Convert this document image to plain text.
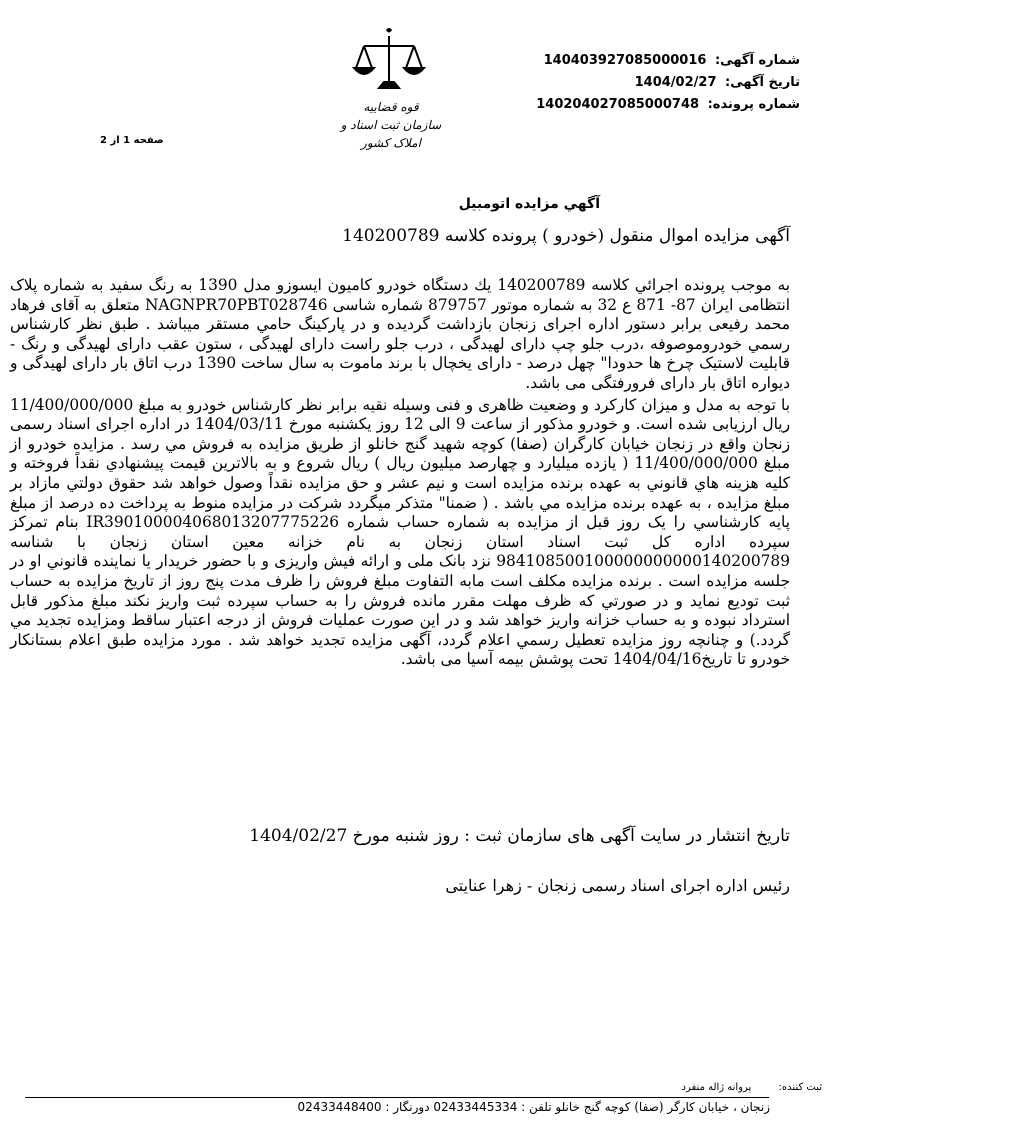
شماره آگهی: 140403927085000016
تاریخ آگهی: 1404/02/27
شماره پرونده: 140204027085000748
قوه قضاییه
سازمان ثبت اسناد و املاک کشور
صفحه 1 از 2
آگهي مزايده اتومبيل
آگهی مزایده اموال منقول (خودرو ) پرونده کلاسه 140200789

به موجب پرونده اجرائي كلاسه 140200789 يك دستگاه خودرو کامیون ایسوزو مدل 1390 به رنگ سفید به شماره پلاک انتظامی ایران 87- 871 ع 32 به شماره موتور 879757 شماره شاسی NAGNPR70PBT028746 متعلق به آقای فرهاد محمد رفیعی برابر دستور اداره اجرای زنجان بازداشت گردیده و در پارکینگ حامي مستقر میباشد . طبق نظر کارشناس رسمي خودروموصوفه ،درب جلو چپ دارای لهیدگی ، درب جلو راست دارای لهیدگی ، ستون عقب دارای لهیدگی و رنگ - قابلیت لاستیک چرخ ها حدودا" چهل درصد - دارای یخچال با برند مامو‌ت به سال ساخت 1390 درب اتاق بار دارای لهیدگی و دیواره اتاق بار دارای فرورفتگی می باشد.

با توجه به مدل و میزان کارکرد و وضعیت ظاهری و فنی وسیله نقیه برابر نظر کارشناس خودرو به مبلغ 11/400/000/000 ریال ارزیابی شده است. و خودرو مذکور از ساعت 9 الی 12 روز یکشنبه مورخ 1404/03/11 در اداره اجرای اسناد رسمی زنجان واقع در زنجان خیابان کارگران (صفا) کوچه شهید گنج خانلو از طریق مزایده به فروش مي رسد . مزایده خودرو از مبلغ 11/400/000/000 ( یازده میلیارد و چهارصد میلیون ریال ) ریال شروع و به بالاترین قیمت پیشنهادي نقداً فروخته و كليه هزينه هاي قانوني به عهده برنده مزايده است و نيم عشر و حق مزايده نقداً وصول خواهد شد حقوق دولتي مازاد بر مبلغ مزايده ، به عهده برنده مزايده مي باشد . ( ضمنا" متذکر میگردد شرکت در مزایده منوط به پرداخت ده درصد از مبلغ پایه کارشناسي را یک روز قبل از مزایده به شماره حساب شماره IR390100004068013207775226 بنام تمركز سپرده اداره كل ثبت اسناد استان زنجان به نام خزانه معین استان زنجان با شناسه 984108500100000000000140200789 نزد بانک ملی و ارائه فیش واریزی و با حضور خریدار یا نماینده قانوني او در جلسه مزایده است . برنده مزايده مكلف است مابه التفاوت مبلغ فروش را ظرف مدت پنج روز از تاريخ مزايده به حساب ثبت توديع نمايد و در صورتي كه ظرف مهلت مقرر مانده فروش را به حساب سپرده ثبت واریز نکند مبلغ مذکور قابل استرداد نبوده و به حساب خزانه واریز خواهد شد و در این صورت عملیات فروش از درجه اعتبار ساقط ومزایده تجدید مي گردد.) و چنانچه روز مزايده تعطيل رسمي اعلام گردد، آگهی مزايده تجديد خواهد شد . مورد مزایده طبق اعلام بستانکار خودرو تا تاریخ1404/04/16 تحت پوشش بیمه آسیا می باشد.

تاریخ انتشار در سایت آگهی های سازمان ثبت : روز شنبه مورخ 1404/02/27
رئيس اداره اجرای اسناد رسمی زنجان - زهرا عنایتی
ثبت کننده: پروانه ژاله منفرد
زنجان ، خیابان کارگر (صفا) کوچه گنج خانلو تلفن : 02433445334 دورنگار : 02433448400
